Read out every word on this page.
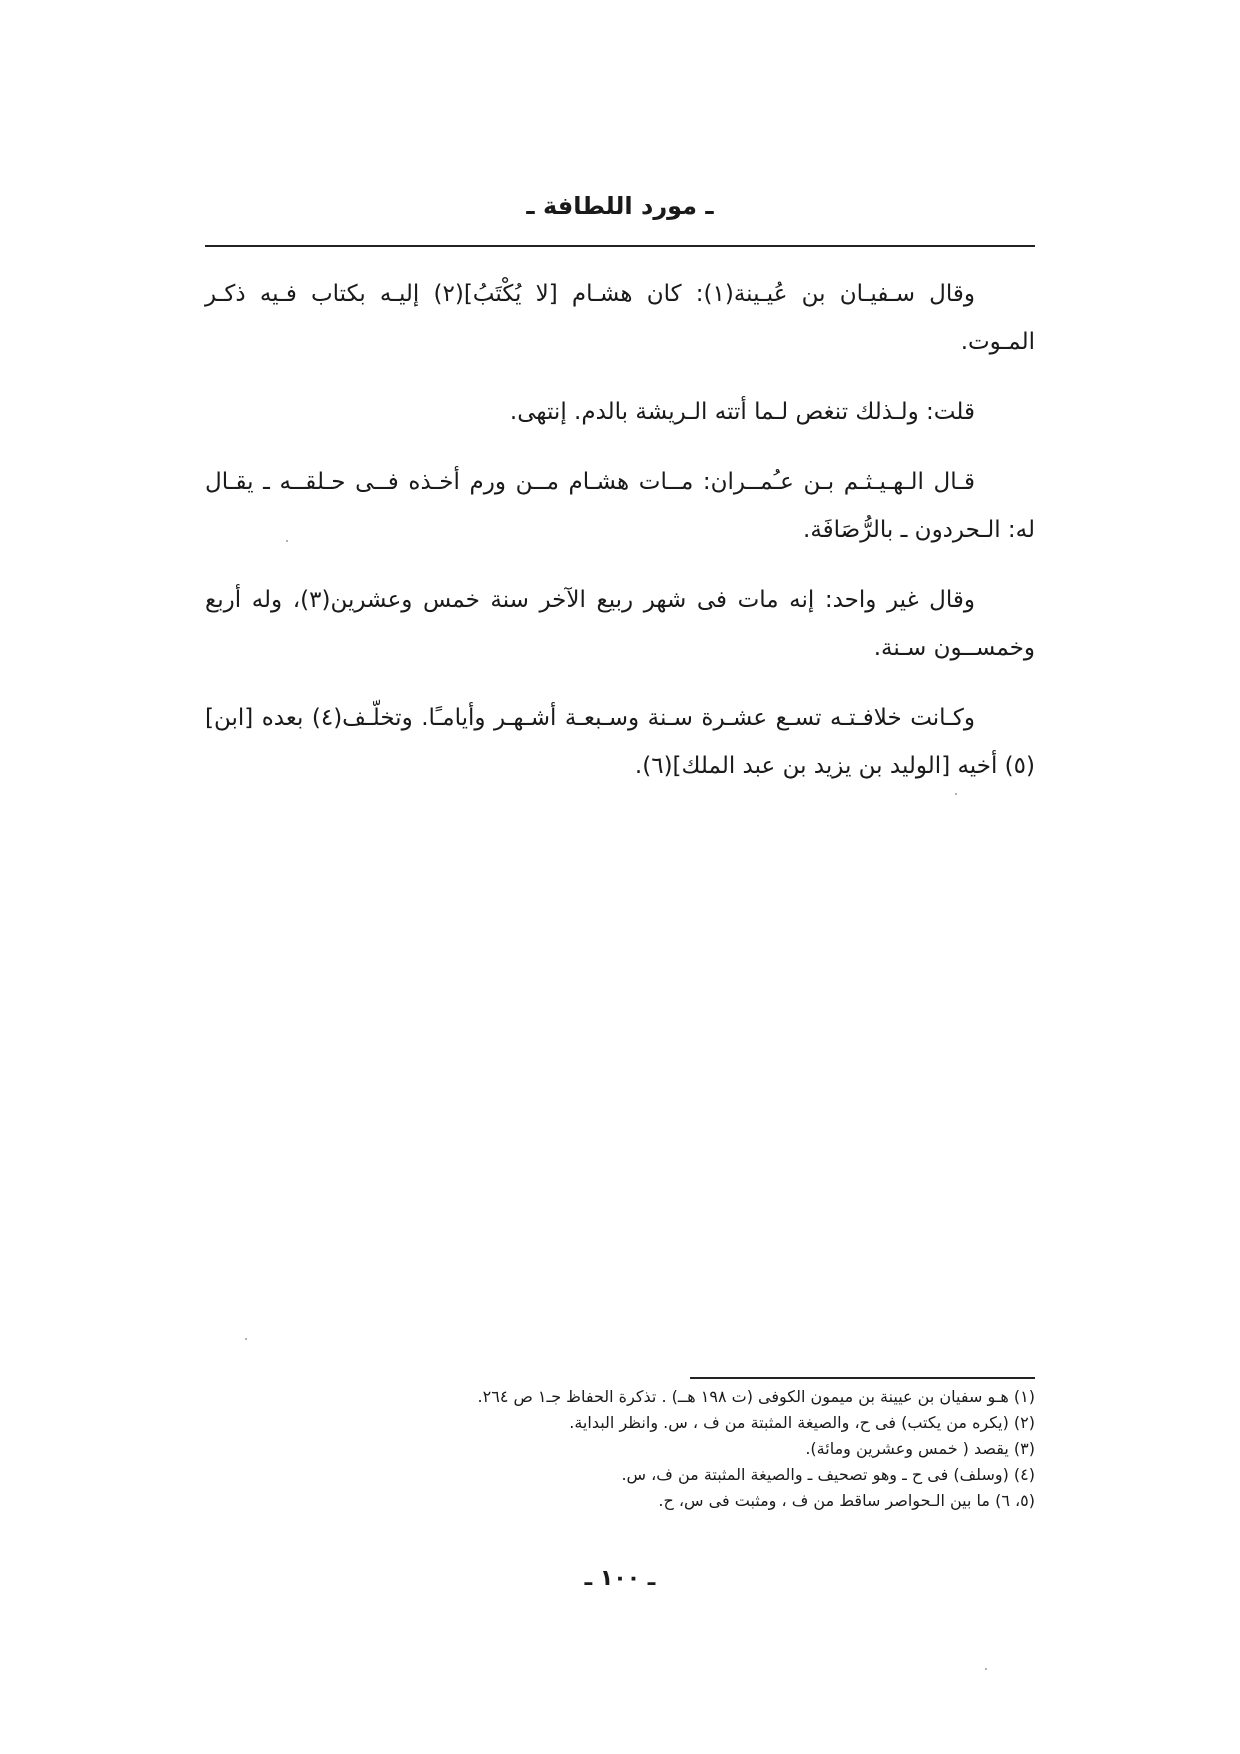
ـ مورد اللطافة ـ

وقال سـفيـان بن عُيـينة(١): كان هشـام [لا يُكْتَبُ](٢) إليـه بكتاب فـيه ذكـر المـوت.

قلت: ولـذلك تنغص لـما أتته الـريشة بالدم. إنتهى.

قـال الـهـيـثـم بـن عـُمــران: مــات هشـام مــن ورم أخـذه فــى حـلقــه ـ يقـال له: الـحردون ـ بالرُّصَافَة.

وقال غير واحد: إنه مات فى شهر ربيع الآخر سنة خمس وعشرين(٣)، وله أربع وخمســون سـنة.

وكـانت خلافـتـه تسـع عشـرة سـنة وسـبعـة أشـهـر وأيامـًا. وتخلّـف(٤) بعده [ابن](٥) أخيه [الوليد بن يزيد بن عبد الملك](٦).

(١) هـو سفيان بن عيينة بن ميمون الكوفى (ت ١٩٨ هــ) . تذكرة الحفاظ جـ١ ص ٢٦٤.
(٢) (يكره من يكتب) فى ح، والصيغة المثبتة من ف ، س. وانظر البداية.
(٣) يقصد ( خمس وعشرين ومائة).
(٤) (وسلف) فى ح ـ وهو تصحيف ـ والصيغة المثبتة من ف، س.
(٥، ٦) ما بين الـحواصر ساقط من ف ، ومثبت فى س، ح.
ـ ١٠٠ ـ
